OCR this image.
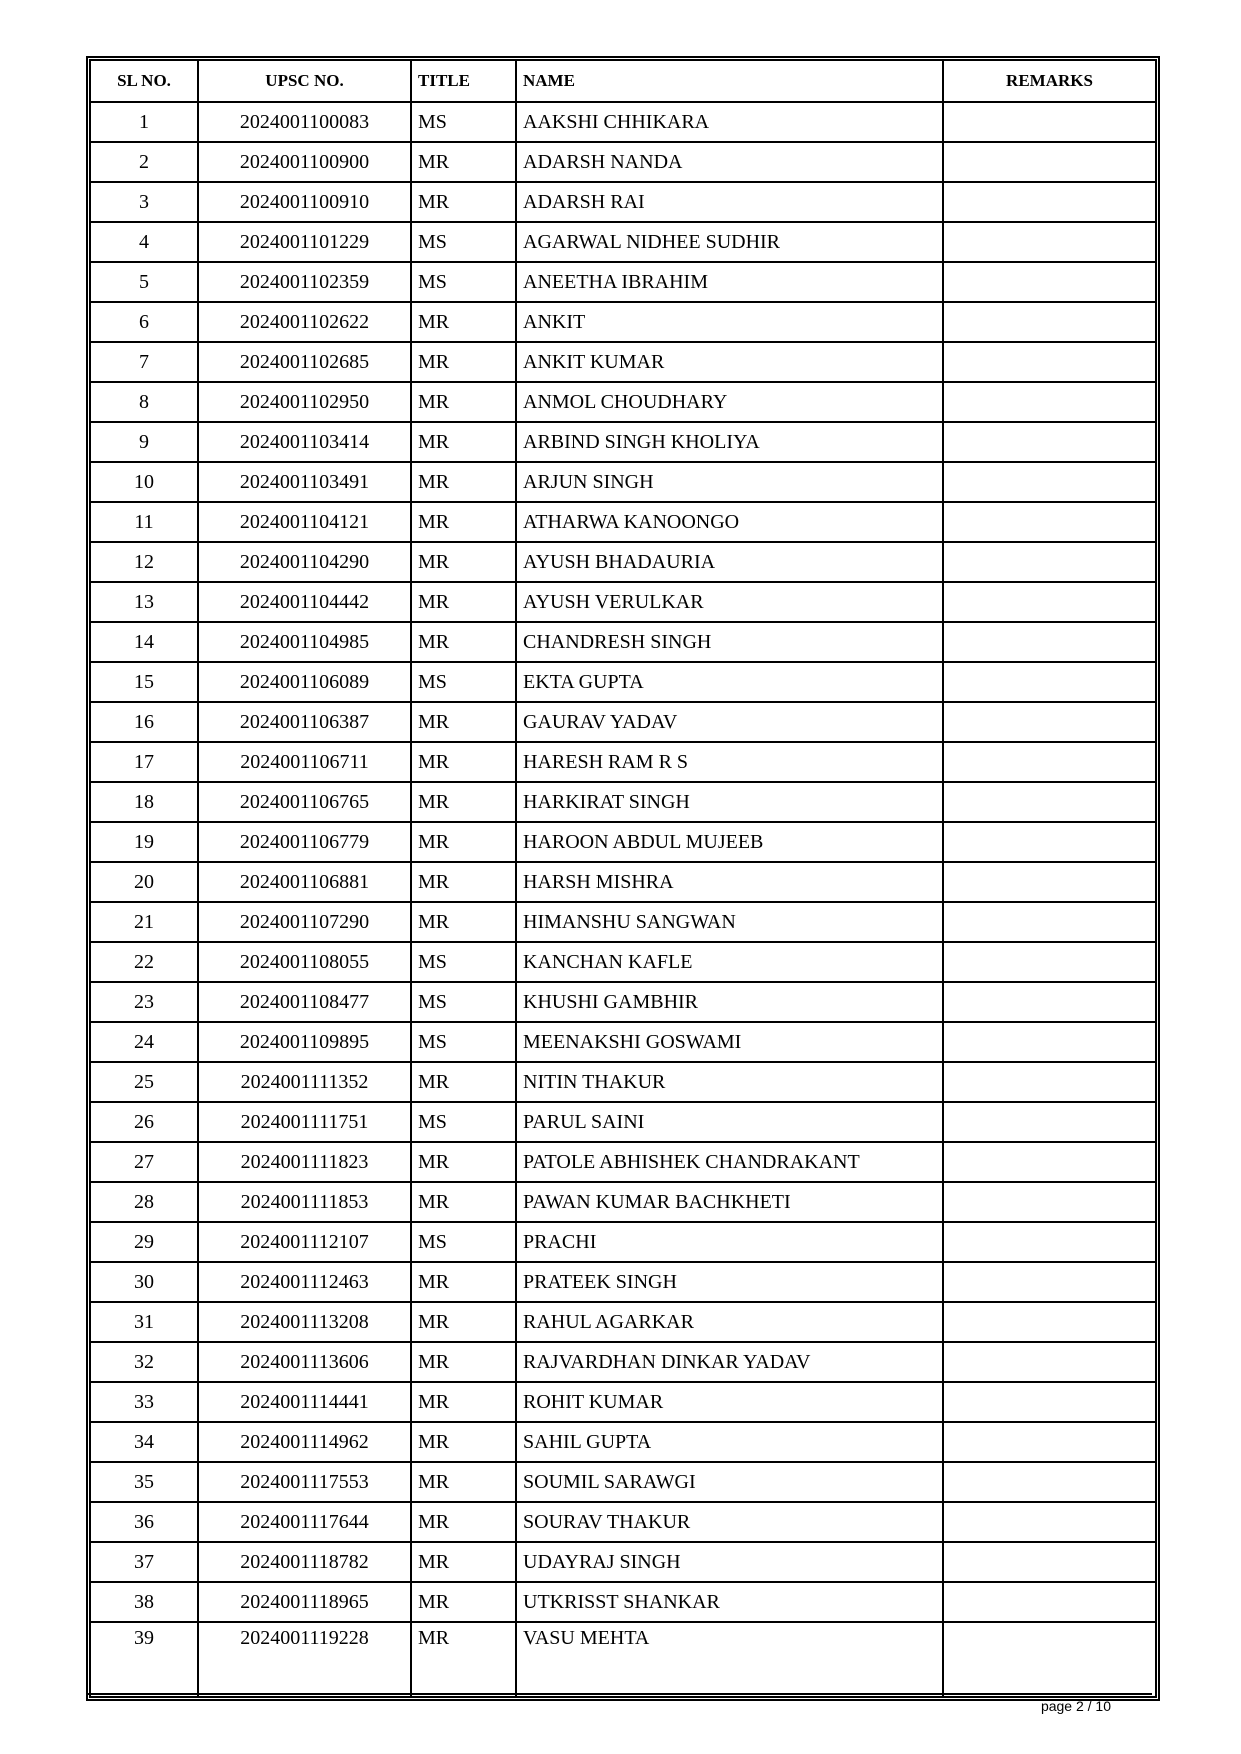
SL NO.	UPSC NO.	TITLE	NAME	REMARKS
1	2024001100083	MS	AAKSHI CHHIKARA	
2	2024001100900	MR	ADARSH NANDA	
3	2024001100910	MR	ADARSH RAI	
4	2024001101229	MS	AGARWAL NIDHEE SUDHIR	
5	2024001102359	MS	ANEETHA IBRAHIM	
6	2024001102622	MR	ANKIT	
7	2024001102685	MR	ANKIT KUMAR	
8	2024001102950	MR	ANMOL CHOUDHARY	
9	2024001103414	MR	ARBIND SINGH KHOLIYA	
10	2024001103491	MR	ARJUN SINGH	
11	2024001104121	MR	ATHARWA KANOONGO	
12	2024001104290	MR	AYUSH BHADAURIA	
13	2024001104442	MR	AYUSH VERULKAR	
14	2024001104985	MR	CHANDRESH SINGH	
15	2024001106089	MS	EKTA GUPTA	
16	2024001106387	MR	GAURAV YADAV	
17	2024001106711	MR	HARESH RAM R S	
18	2024001106765	MR	HARKIRAT SINGH	
19	2024001106779	MR	HAROON ABDUL MUJEEB	
20	2024001106881	MR	HARSH MISHRA	
21	2024001107290	MR	HIMANSHU SANGWAN	
22	2024001108055	MS	KANCHAN KAFLE	
23	2024001108477	MS	KHUSHI GAMBHIR	
24	2024001109895	MS	MEENAKSHI GOSWAMI	
25	2024001111352	MR	NITIN THAKUR	
26	2024001111751	MS	PARUL SAINI	
27	2024001111823	MR	PATOLE ABHISHEK CHANDRAKANT	
28	2024001111853	MR	PAWAN KUMAR BACHKHETI	
29	2024001112107	MS	PRACHI	
30	2024001112463	MR	PRATEEK SINGH	
31	2024001113208	MR	RAHUL AGARKAR	
32	2024001113606	MR	RAJVARDHAN DINKAR YADAV	
33	2024001114441	MR	ROHIT KUMAR	
34	2024001114962	MR	SAHIL GUPTA	
35	2024001117553	MR	SOUMIL SARAWGI	
36	2024001117644	MR	SOURAV THAKUR	
37	2024001118782	MR	UDAYRAJ SINGH	
38	2024001118965	MR	UTKRISST SHANKAR	
39	2024001119228	MR	VASU MEHTA	
page 2 / 10
